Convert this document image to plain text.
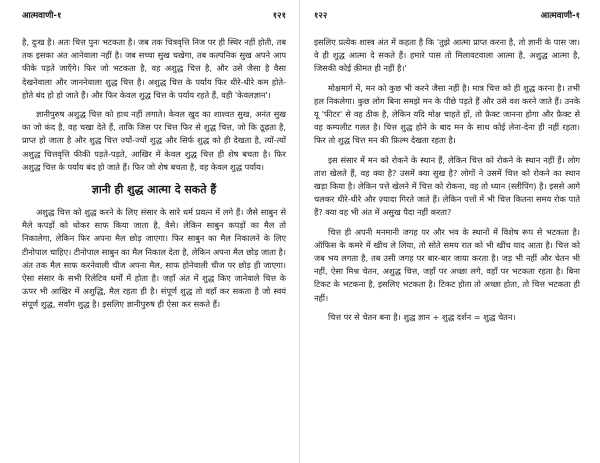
आत्मवाणी-१	१२१

है, दुःख है। अतः चित्त पुनः भटकता है। जब तक चित्रवृत्ति निज पर ही स्थिर नहीं होती, तब तक इसका अंत आनेवाला नहीं है। जब सच्चा सुख चखेगा, तब कल्पनिक सुख अपने आप फीके पड़ते जाएँगे। फिर जो भटकता है, वह अशुद्ध चित्त है, और उसे जैसा है वैसा देखनेवाला और जाननेवाला शुद्ध चित्त है। अशुद्ध चित्त के पर्याय फिर धीरे-धीरे कम होते-होते बंद हो हो जाते हैं। और फिर केवल शुद्ध चित्त के पर्याय रहते हैं, वही 'केवलज्ञान'।

ज्ञानीपुरुष अशुद्ध चित्त को हाथ नहीं लगाते। केवल खुद का शाश्वत सुख, अनंत सुख का जो कंद है, वह चखा देते हैं, ताकि जिस पर चित्त फिर से शुद्ध चित्त, जो कि ठूढ़ता है, प्राप्त हो जाता है और शुद्ध चित्त ज्यों-ज्यों शुद्ध और सिर्फ शुद्ध को ही देखता है, त्यों-त्यों अशुद्ध चित्तवृत्ति फीकी पड़ते-पड़ते, आखिर में केवल शुद्ध चित्त ही शेष बचता है। फिर अशुद्ध चित्त के पर्याय बंद हो जाते हैं। फिर जो शेष बचता है, वह केवल शुद्ध पर्याय।

ज्ञानी ही शुद्ध आत्मा दे सकते हैं

अशुद्ध चित्त को शुद्ध करने के लिए संसार के सारे धर्म प्रयत्न में लगे हैं। जैसे साबुन से मैले कपड़ों को धोकर साफ किया जाता है, वैसे। लेकिन साबुन कपड़ों का मैल तो निकालेगा, लेकिन फिर अपना मैल छोड़ जाएगा। फिर साबुन का मैल निकालने के लिए टीनोपाल चाहिए। टीनोपाल साबुन का मैल निकाल देता है, लेकिन अपना मैल छोड़ जाता है। अंत तक मैल साफ करनेवाली चीज अपना मैल, साफ होनेवाली चीज पर छोड़ ही जाएगा। ऐसा संसार के सभी रिलेटिव धर्मों में होता है। जहाँ अंत में शुद्ध किए जानेवाले चित्त के ऊपर भी आखिर में अशुद्धि, मैल रहता ही है। संपूर्ण शुद्ध तो वहाँ कर सकता है जो स्वयं संपूर्ण शुद्ध, सर्वांग शुद्ध है। इसलिए ज्ञानीपुरुष ही ऐसा कर सकते हैं।

१२२	आत्मवाणी-१

इसलिए प्रत्येक शास्त्र अंत में कहता है कि 'तुझे आत्मा प्राप्त करना है, तो ज्ञानी के पास जा। वे ही शुद्ध आत्मा दे सकते हैं। हमारे पास तो मिलावटवाला आत्मा है, अशुद्ध आत्मा है, जिसकी कोई क़ीमत ही नहीं है।'

मोक्षमार्ग में, मन को कुछ भी करने जैसा नहीं है। मात्र चित्त को ही शुद्ध करना है। तभी हल निकलेगा। कुछ लोग बिना समझे मन के पीछे पड़ते हैं और उसे वश करने जाते हैं। उनके यू 'फीटर' से वह ठीक है, लेकिन यदि मोक्ष चाहते हों, तो फ़ैक्ट जानना होगा और फ़ैक्ट से वह कम्पलीट गलत है। चित्त शुद्ध होने के बाद मन के साथ कोई लेना-देना ही नहीं रहता। फिर तो शुद्ध चित्त मन की फ़िल्म देखता रहता है।

इस संसार में मन को रोकने के स्थान हैं, लेकिन चित्त को रोकने के स्थान नहीं हैं। लोग ताश खेलते हैं, वह क्या है? उसमें क्या सुख है? लोगों ने उसमें चित्त को रोकने का स्थान खड़ा किया है। लेकिन पत्ते खेलने में चित्त को रोकना, वह तो ध्यान (स्लीपिंग) है। इससे आगे चलकर धीरे-धीरे और ज़्यादा गिरते जाते हैं। लेकिन पत्तों में भी चित्त कितना समय रोक पाते हैं? क्या वह भी अंत में असुख पैदा नहीं करता?

चित्त ही अपनी मनमानी जगह पर और भव के स्थानों में विशेष रूप से भटकता है। ऑफिस के कमरे में खींच ले लिया, तो सोते समय रात को भी खींच याद आता है। चित्त को जब भय लगता है, तब उसी जगह पर बार-बार जाया करता है। जड़ भी नहीं और चेतन भी नहीं, ऐसा मिश्र चेतन, अशुद्ध चित्त, जहाँ पर अच्छा लगे, वहाँ पर भटकता रहता है। बिना टिकट के भटकना है, इसलिए भटकता है। टिकट होता तो अच्छा होता, तो चित्त भटकता ही नहीं।

चित्त पर से चेतन बना है। शुद्ध ज्ञान + शुद्ध दर्शन = शुद्ध चेतन।
